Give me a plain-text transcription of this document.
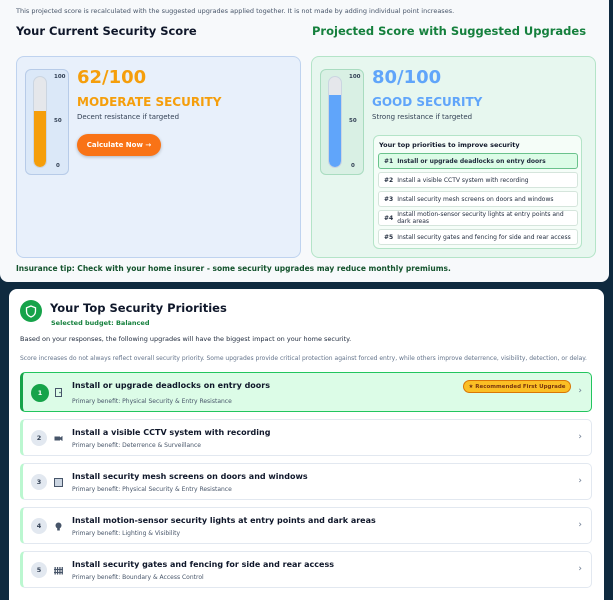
This projected score is recalculated with the suggested upgrades applied together. It is not made by adding individual point increases.
Your Current Security Score	Projected Score with Suggested Upgrades
100
50
0
62/100
MODERATE SECURITY
Decent resistance if targeted
Calculate Now →
100
50
0
80/100
GOOD SECURITY
Strong resistance if targeted
Your top priorities to improve security
#1 Install or upgrade deadlocks on entry doors
#2 Install a visible CCTV system with recording
#3 Install security mesh screens on doors and windows
#4 Install motion-sensor security lights at entry points and dark areas
#5 Install security gates and fencing for side and rear access
Insurance tip: Check with your home insurer - some security upgrades may reduce monthly premiums.
Your Top Security Priorities
Selected budget: Balanced
Based on your responses, the following upgrades will have the biggest impact on your home security.
Score increases do not always reflect overall security priority. Some upgrades provide critical protection against forced entry, while others improve deterrence, visibility, detection, or delay.
1
Install or upgrade deadlocks on entry doors
Primary benefit: Physical Security & Entry Resistance
★ Recommended First Upgrade	›
2
Install a visible CCTV system with recording
Primary benefit: Deterrence & Surveillance
›
3
Install security mesh screens on doors and windows
Primary benefit: Physical Security & Entry Resistance
›
4
Install motion-sensor security lights at entry points and dark areas
Primary benefit: Lighting & Visibility
›
5
Install security gates and fencing for side and rear access
Primary benefit: Boundary & Access Control
›
